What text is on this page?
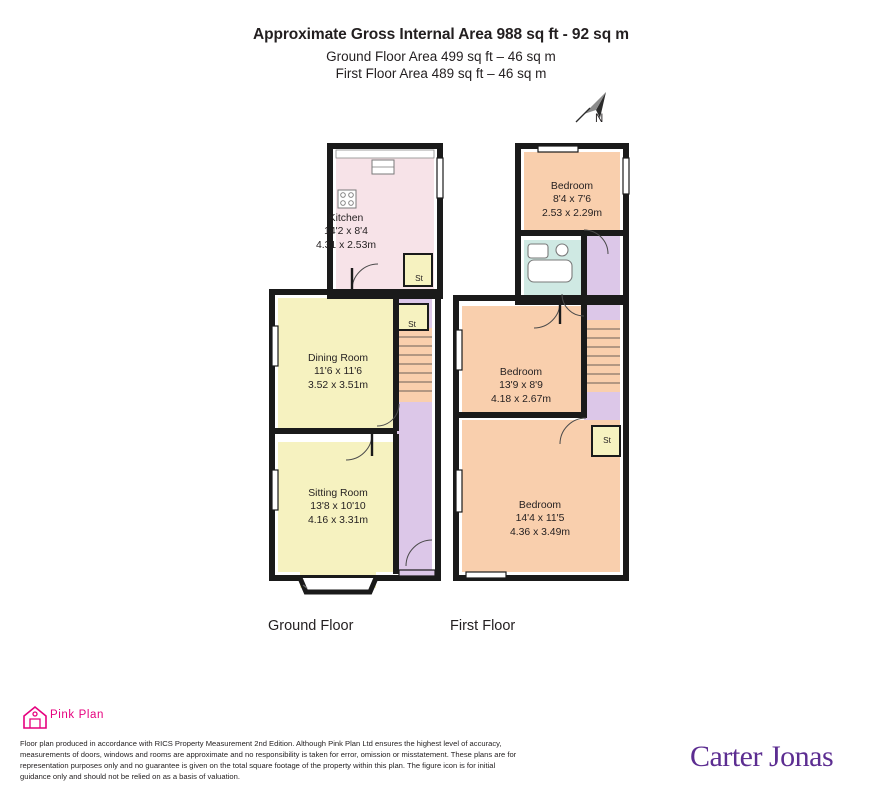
Approximate Gross Internal Area 988 sq ft - 92 sq m
Ground Floor Area 499 sq ft – 46 sq m
First Floor Area 489 sq ft – 46 sq m
N
Kitchen
14'2 x 8'4
4.31 x 2.53m
Dining Room
11'6 x 11'6
3.52 x 3.51m
Sitting Room
13'8 x 10'10
4.16 x 3.31m
St
St
Bedroom
8'4 x 7'6
2.53 x 2.29m
Bedroom
13'9 x 8'9
4.18 x 2.67m
Bedroom
14'4 x 11'5
4.36 x 3.49m
St
Ground Floor	First Floor
Pink Plan
Floor plan produced in accordance with RICS Property Measurement 2nd Edition. Although Pink Plan Ltd ensures the highest level of accuracy, measurements of doors, windows and rooms are approximate and no responsibility is taken for error, omission or misstatement. These plans are for representation purposes only and no guarantee is given on the total square footage of the property within this plan. The figure icon is for initial guidance only and should not be relied on as a basis of valuation.
Carter Jonas
